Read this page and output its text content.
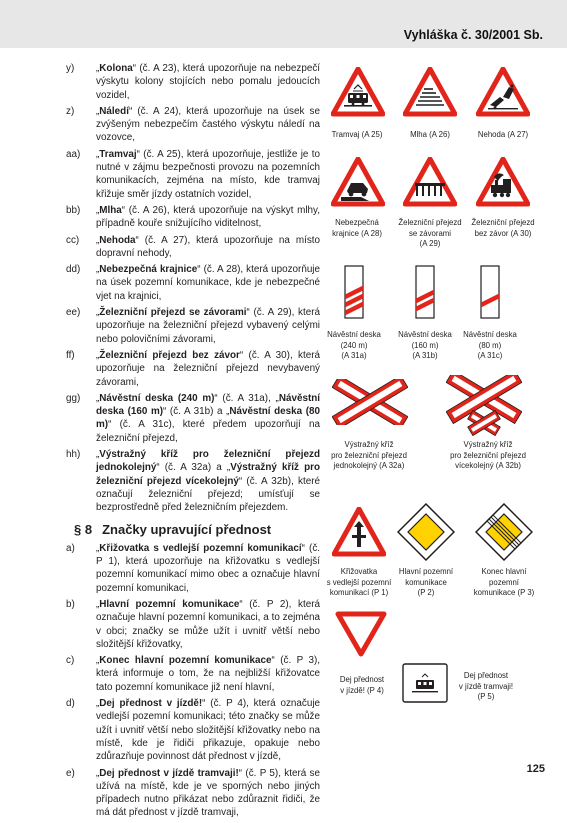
Vyhláška č. 30/2001 Sb.

y)	„Kolona“ (č. A 23), která upozorňuje na nebezpečí výskytu kolony stojících nebo pomalu jedoucích vozidel,

z)	„Náledí“ (č. A 24), která upozorňuje na úsek se zvýšeným nebezpečím častého výskytu náledí na vozovce,

aa)	„Tramvaj“ (č. A 25), která upozorňuje, jestliže je to nutné v zájmu bezpečnosti provozu na pozemních komunikacích, zejména na místo, kde tramvaj křižuje směr jízdy ostatních vozidel,

bb)	„Mlha“ (č. A 26), která upozorňuje na výskyt mlhy, případně kouře snižujícího viditelnost,

cc)	„Nehoda“ (č. A 27), která upozorňuje na místo dopravní nehody,

dd)	„Nebezpečná krajnice“ (č. A 28), která upozorňuje na úsek pozemní komunikace, kde je nebezpečné vjet na krajnici,

ee)	„Železniční přejezd se závorami“ (č. A 29), která upozorňuje na železniční přejezd vybavený celými nebo polovičními závorami,

ff)	„Železniční přejezd bez závor“ (č. A 30), která upozorňuje na železniční přejezd nevybavený závorami,

gg)	„Návěstní deska (240 m)“ (č. A 31a), „Návěstní deska (160 m)“ (č. A 31b) a „Návěstní deska (80 m)“ (č. A 31c), které předem upozorňují na železniční přejezd,

hh)	„Výstražný kříž pro železniční přejezd jednokolejný“ (č. A 32a) a „Výstražný kříž pro železniční přejezd vícekolejný“ (č. A 32b), které označují železniční přejezd; umísťují se bezprostředně před železničním přejezdem.

§ 8 Značky upravující přednost

a)	„Křižovatka s vedlejší pozemní komunikací“ (č. P 1), která upozorňuje na křižovatku s vedlejší pozemní komunikací mimo obec a označuje hlavní pozemní komunikaci,

b)	„Hlavní pozemní komunikace“ (č. P 2), která označuje hlavní pozemní komunikaci, a to zejména v obci; značky se může užít i uvnitř větší nebo složitější křižovatky,

c)	„Konec hlavní pozemní komunikace“ (č. P 3), která informuje o tom, že na nejbližší křižovatce tato pozemní komunikace již není hlavní,

d)	„Dej přednost v jízdě!“ (č. P 4), která označuje vedlejší pozemní komunikaci; této značky se může užít i uvnitř větší nebo složitější křižovatky nebo na místě, kde je řidiči přikazuje, opakuje nebo zdůrazňuje povinnost dát přednost v jízdě,

e)	„Dej přednost v jízdě tramvaji!“ (č. P 5), která se užívá na místě, kde je ve sporných nebo jiných případech nutno přikázat nebo zdůraznit řidiči, že má dát přednost v jízdě tramvaji,

Tramvaj (A 25)	Mlha (A 26)	Nehoda (A 27)
Nebezpečná
krajnice (A 28)
Železniční přejezd
se závorami
(A 29)
Železniční přejezd
bez závor (A 30)
Návěstní deska
(240 m)
(A 31a)
Návěstní deska
(160 m)
(A 31b)
Návěstní deska
(80 m)
(A 31c)
Výstražný kříž
pro železniční přejezd
jednokolejný (A 32a)
Výstražný kříž
pro železniční přejezd
vícekolejný (A 32b)
Křižovatka
s vedlejší pozemní
komunikací (P 1)
Hlavní pozemní
komunikace
(P 2)
Konec hlavní
pozemní
komunikace (P 3)
Dej přednost
v jízdě! (P 4)
Dej přednost
v jízdě tramvaji!
(P 5)
125
